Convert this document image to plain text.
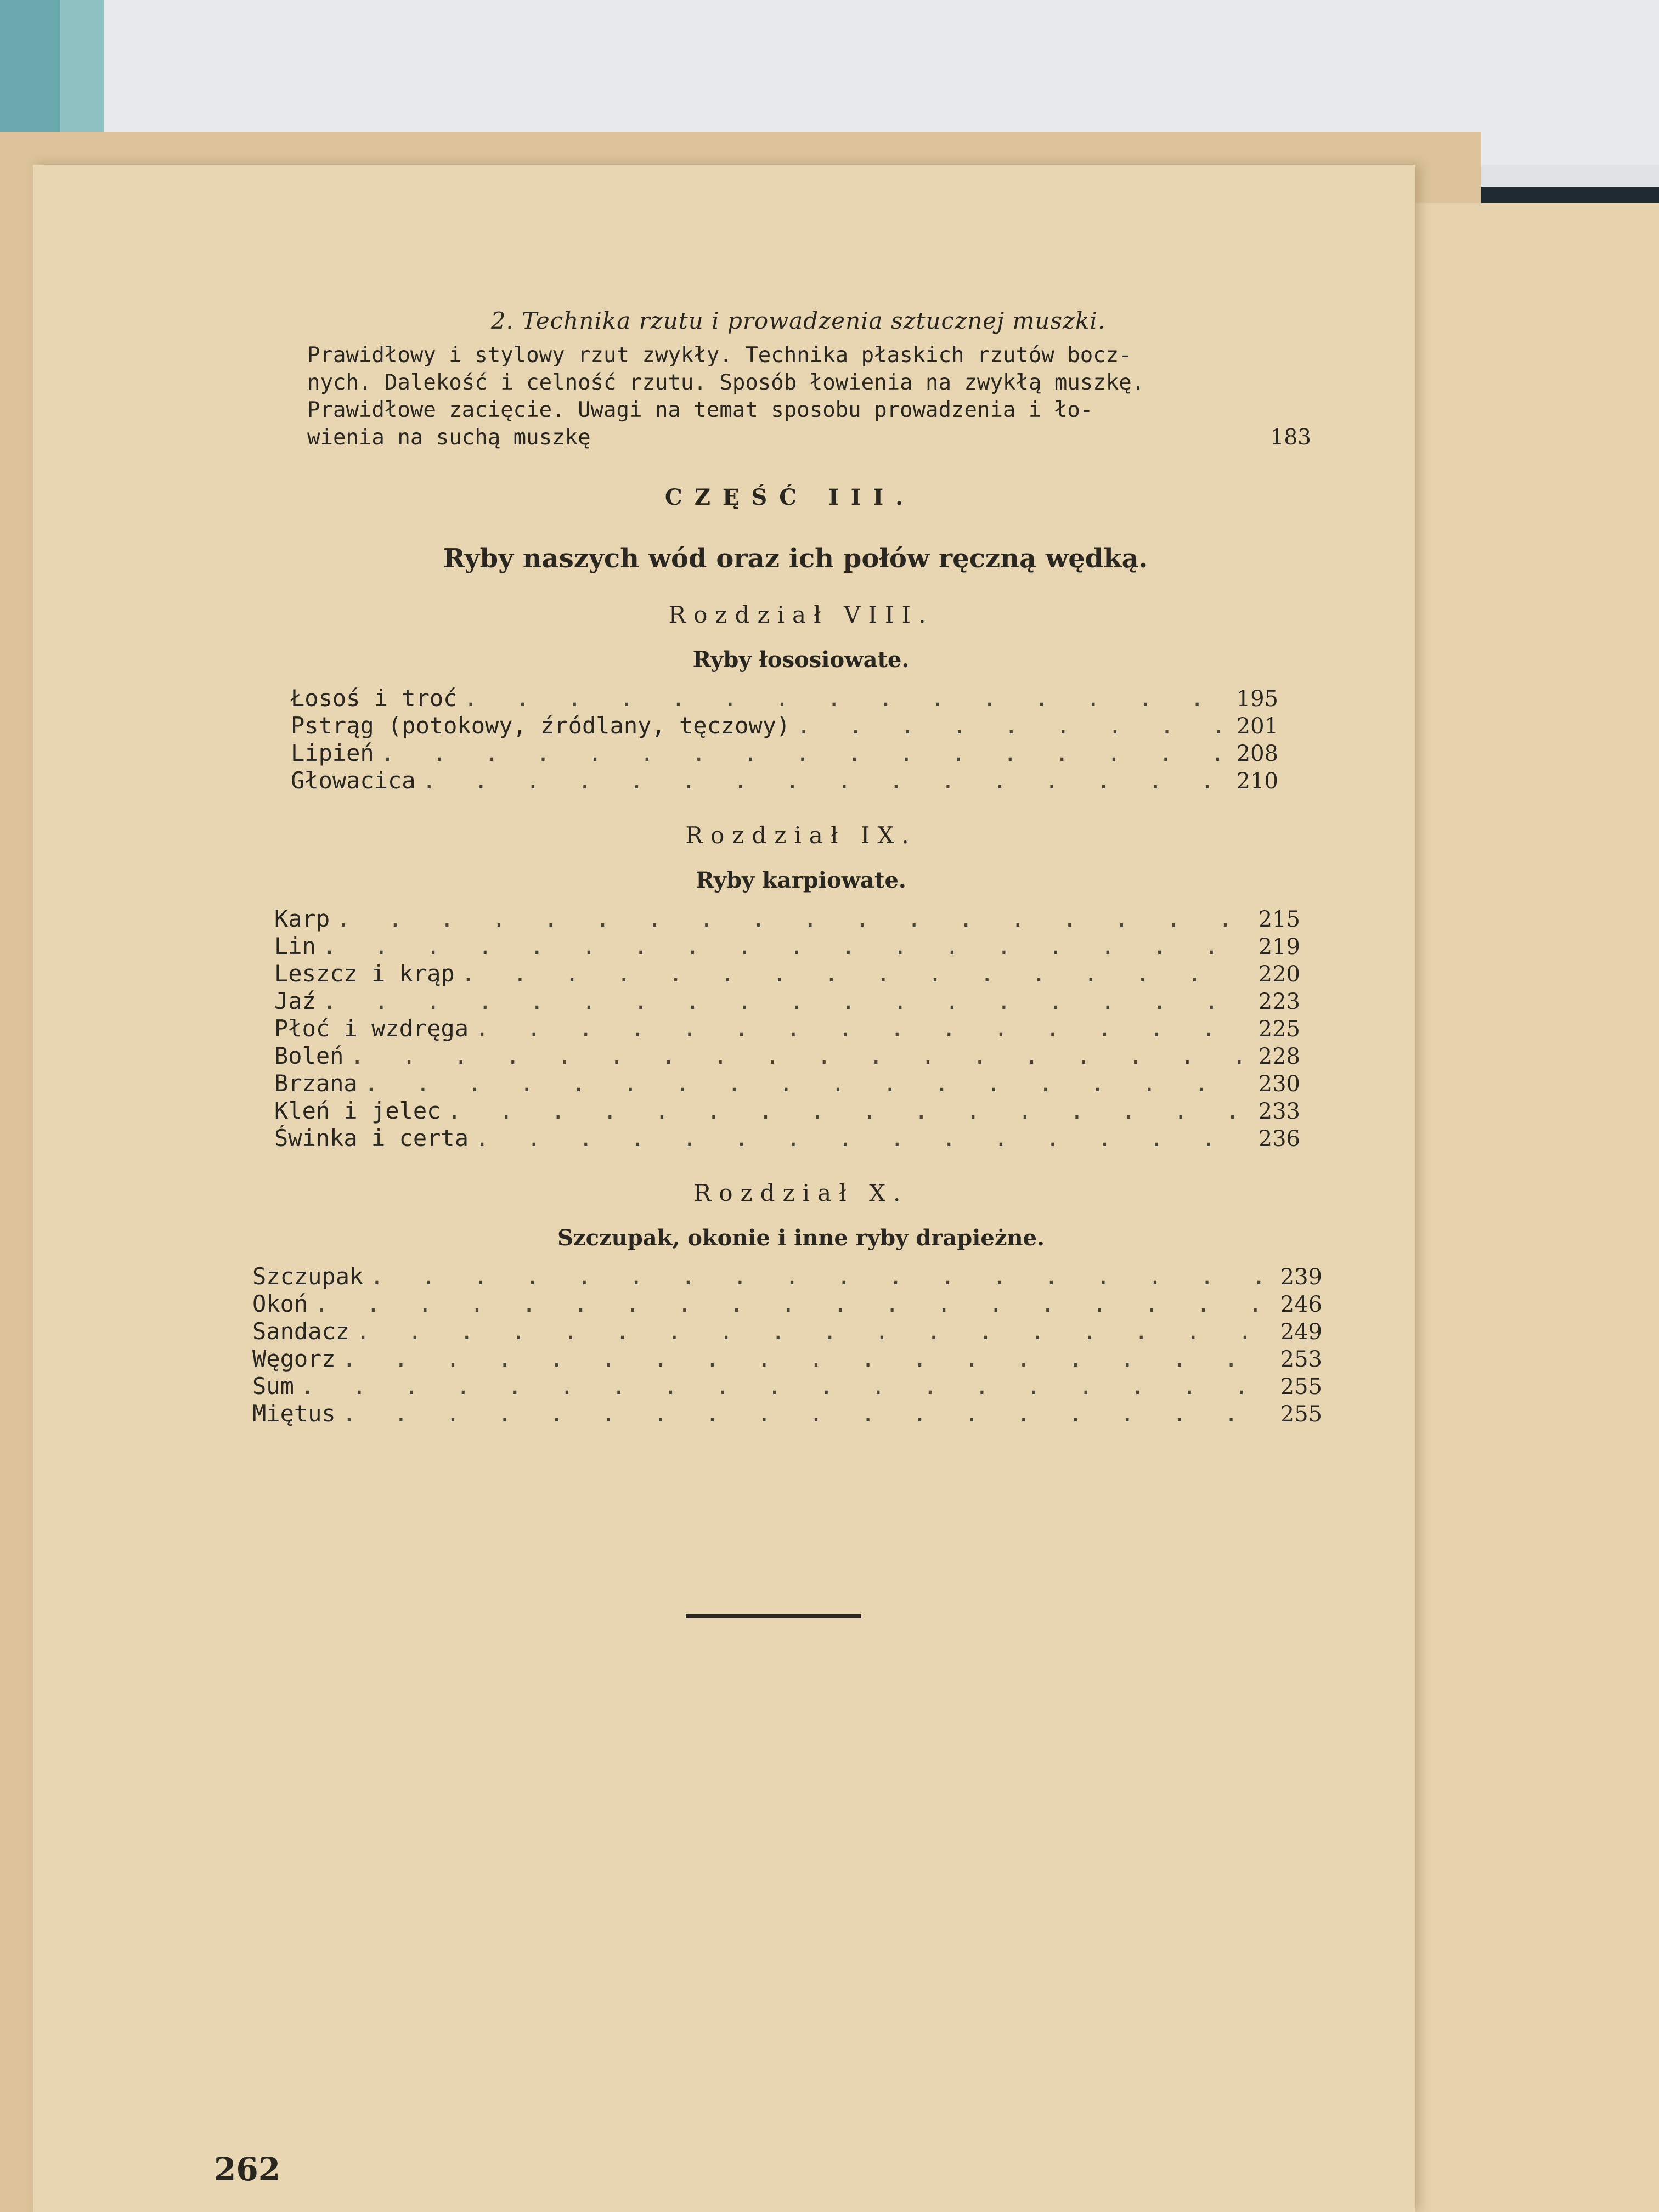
2. Technika rzutu i prowadzenia sztucznej muszki.
Prawidłowy i stylowy rzut zwykły. Technika płaskich rzutów bocz-
nych. Dalekość i celność rzutu. Sposób łowienia na zwykłą muszkę.
Prawidłowe zacięcie. Uwagi na temat sposobu prowadzenia i ło-
wienia na suchą muszkę	183
CZĘŚĆ III.
Ryby naszych wód oraz ich połów ręczną wędką.
Rozdział VIII.
Ryby łososiowate.
Łosoś i troć . . .	195
Pstrąg (potokowy, źródlany, tęczowy) . . .	201
Lipień . . .	208
Głowacica . . .	210
Rozdział IX.
Ryby karpiowate.
Karp . . .	215
Lin . . .	219
Leszcz i krąp . . .	220
Jaź . . .	223
Płoć i wzdręga . . .	225
Boleń . . .	228
Brzana . . .	230
Kleń i jelec . . .	233
Świnka i certa . . .	236
Rozdział X.
Szczupak, okonie i inne ryby drapieżne.
Szczupak . . .	239
Okoń . . .	246
Sandacz . . .	249
Węgorz . . .	253
Sum . . .	255
Miętus . . .	255
262
